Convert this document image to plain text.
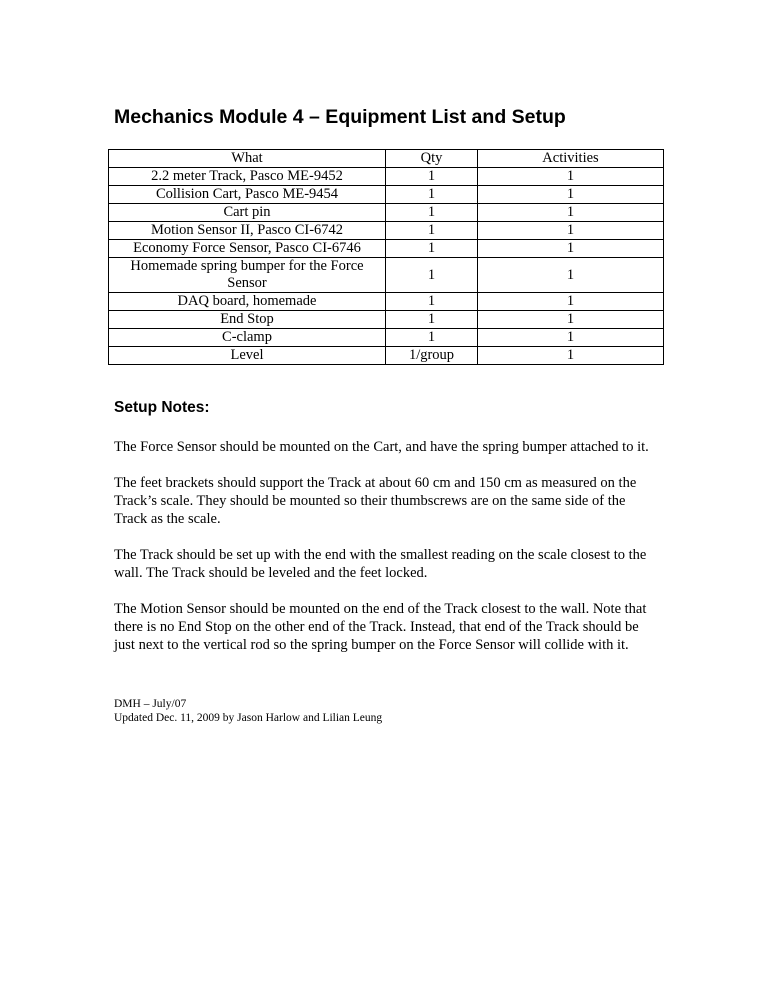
Mechanics Module 4 – Equipment List and Setup
What	Qty	Activities
2.2 meter Track, Pasco ME-9452	1	1
Collision Cart, Pasco ME-9454	1	1
Cart pin	1	1
Motion Sensor II, Pasco CI-6742	1	1
Economy Force Sensor, Pasco CI-6746	1	1
Homemade spring bumper for the Force Sensor	1	1
DAQ board, homemade	1	1
End Stop	1	1
C-clamp	1	1
Level	1/group	1
Setup Notes:

The Force Sensor should be mounted on the Cart, and have the spring bumper attached to it.

The feet brackets should support the Track at about 60 cm and 150 cm as measured on the Track’s scale. They should be mounted so their thumbscrews are on the same side of the Track as the scale.

The Track should be set up with the end with the smallest reading on the scale closest to the wall. The Track should be leveled and the feet locked.

The Motion Sensor should be mounted on the end of the Track closest to the wall. Note that there is no End Stop on the other end of the Track. Instead, that end of the Track should be just next to the vertical rod so the spring bumper on the Force Sensor will collide with it.

DMH – July/07
Updated Dec. 11, 2009 by Jason Harlow and Lilian Leung
